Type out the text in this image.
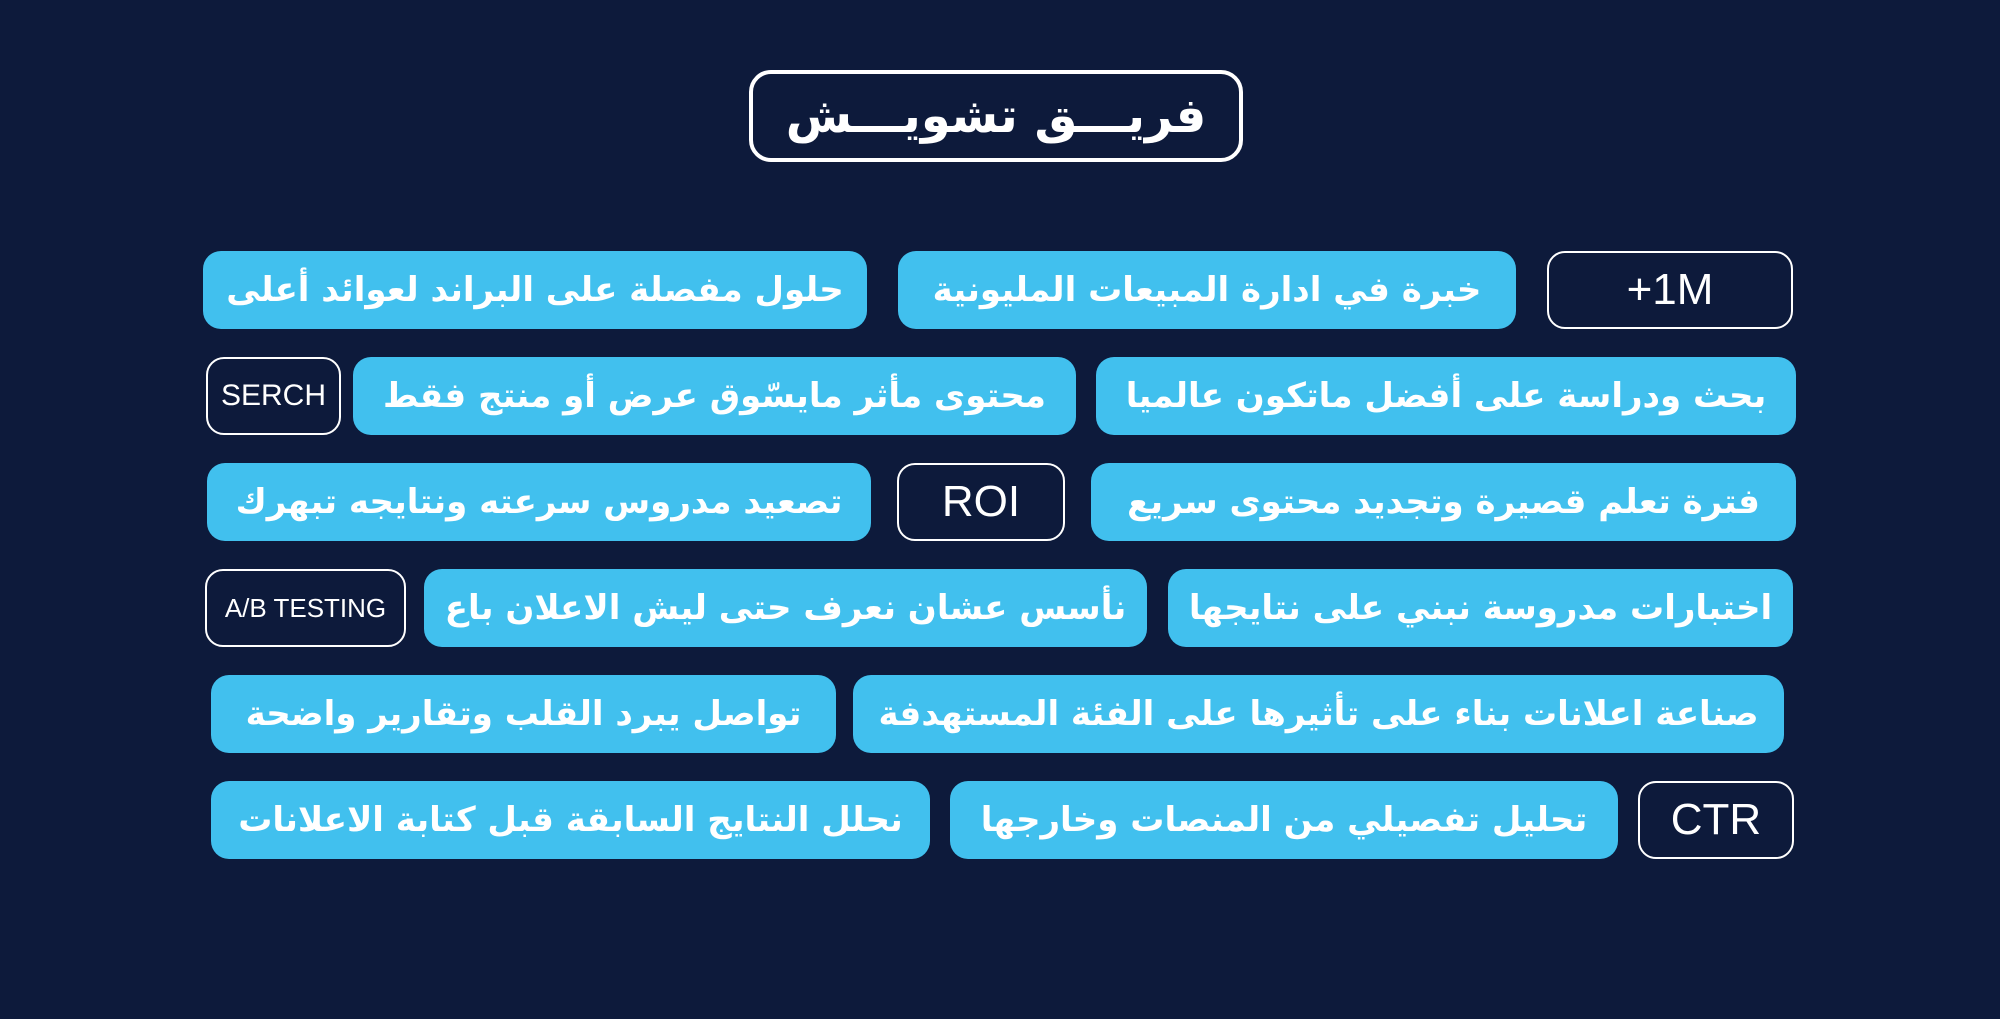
فريـــق تشويـــش
+1M
خبرة في ادارة المبيعات المليونية
حلول مفصلة على البراند لعوائد أعلى
بحث ودراسة على أفضل ماتكون عالميا
محتوى مأثر مايسّوق عرض أو منتج فقط
SERCH
فترة تعلم قصيرة وتجديد محتوى سريع
ROI
تصعيد مدروس سرعته ونتايجه تبهرك
اختبارات مدروسة نبني على نتايجها
نأسس عشان نعرف حتى ليش الاعلان باع
A/B TESTING
صناعة اعلانات بناء على تأثيرها على الفئة المستهدفة
تواصل يبرد القلب وتقارير واضحة
CTR
تحليل تفصيلي من المنصات وخارجها
نحلل النتايج السابقة قبل كتابة الاعلانات
